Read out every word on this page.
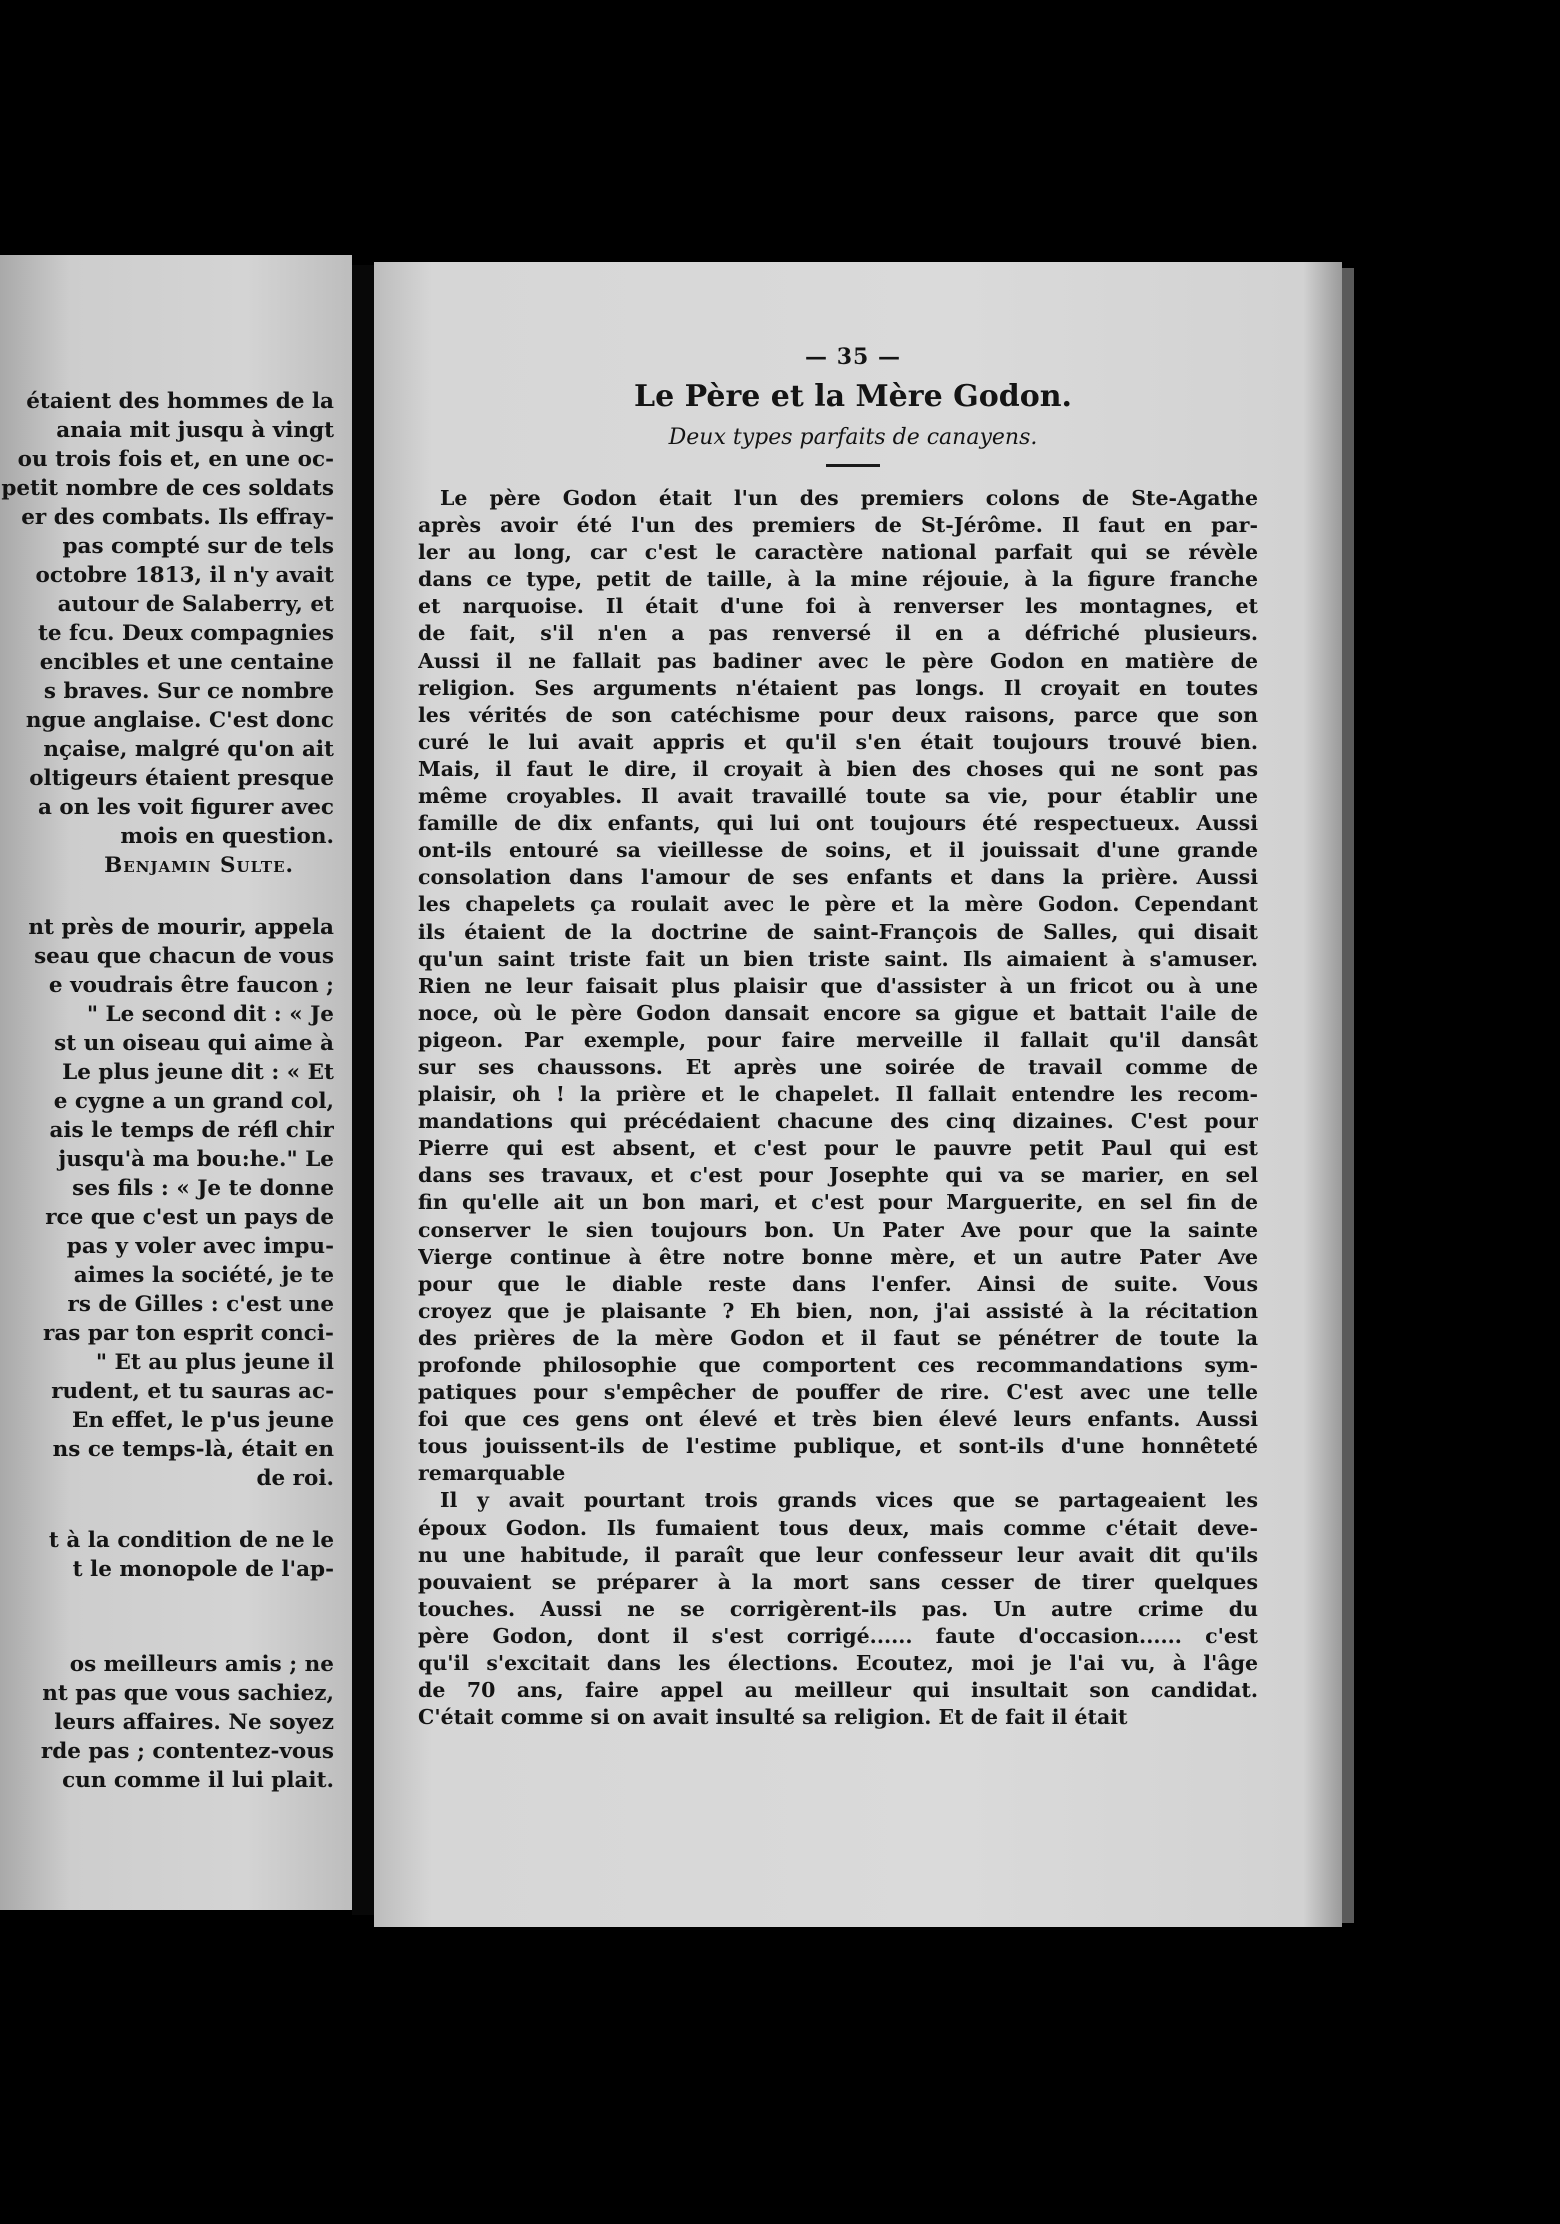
étaient des hommes de la
anaia mit jusqu à vingt
ou trois fois et, en une oc-
petit nombre de ces soldats
er des combats. Ils effray-
pas compté sur de tels
octobre 1813, il n'y avait
autour de Salaberry, et
te fcu. Deux compagnies
encibles et une centaine
s braves. Sur ce nombre
ngue anglaise. C'est donc
nçaise, malgré qu'on ait
oltigeurs étaient presque
a on les voit figurer avec
mois en question.
Benjamin Sulte.
nt près de mourir, appela
seau que chacun de vous
e voudrais être faucon ;
" Le second dit : « Je
st un oiseau qui aime à
Le plus jeune dit : « Et
e cygne a un grand col,
ais le temps de réfl chir
jusqu'à ma bou:he." Le
ses fils : « Je te donne
rce que c'est un pays de
pas y voler avec impu-
aimes la société, je te
rs de Gilles : c'est une
ras par ton esprit conci-
" Et au plus jeune il
rudent, et tu sauras ac-
En effet, le p'us jeune
ns ce temps-là, était en
de roi.
t à la condition de ne le
t le monopole de l'ap-
os meilleurs amis ; ne
nt pas que vous sachiez,
leurs affaires. Ne soyez
rde pas ; contentez-vous
cun comme il lui plait.
— 35 —
Le Père et la Mère Godon.
Deux types parfaits de canayens.
Le père Godon était l'un des premiers colons de Ste-Agathe
après avoir été l'un des premiers de St-Jérôme. Il faut en par-
ler au long, car c'est le caractère national parfait qui se révèle
dans ce type, petit de taille, à la mine réjouie, à la figure franche
et narquoise. Il était d'une foi à renverser les montagnes, et
de fait, s'il n'en a pas renversé il en a défriché plusieurs.
Aussi il ne fallait pas badiner avec le père Godon en matière de
religion. Ses arguments n'étaient pas longs. Il croyait en toutes
les vérités de son catéchisme pour deux raisons, parce que son
curé le lui avait appris et qu'il s'en était toujours trouvé bien.
Mais, il faut le dire, il croyait à bien des choses qui ne sont pas
même croyables. Il avait travaillé toute sa vie, pour établir une
famille de dix enfants, qui lui ont toujours été respectueux. Aussi
ont-ils entouré sa vieillesse de soins, et il jouissait d'une grande
consolation dans l'amour de ses enfants et dans la prière. Aussi
les chapelets ça roulait avec le père et la mère Godon. Cependant
ils étaient de la doctrine de saint-François de Salles, qui disait
qu'un saint triste fait un bien triste saint. Ils aimaient à s'amuser.
Rien ne leur faisait plus plaisir que d'assister à un fricot ou à une
noce, où le père Godon dansait encore sa gigue et battait l'aile de
pigeon. Par exemple, pour faire merveille il fallait qu'il dansât
sur ses chaussons. Et après une soirée de travail comme de
plaisir, oh ! la prière et le chapelet. Il fallait entendre les recom-
mandations qui précédaient chacune des cinq dizaines. C'est pour
Pierre qui est absent, et c'est pour le pauvre petit Paul qui est
dans ses travaux, et c'est pour Josephte qui va se marier, en sel
fin qu'elle ait un bon mari, et c'est pour Marguerite, en sel fin de
conserver le sien toujours bon. Un Pater Ave pour que la sainte
Vierge continue à être notre bonne mère, et un autre Pater Ave
pour que le diable reste dans l'enfer. Ainsi de suite. Vous
croyez que je plaisante ? Eh bien, non, j'ai assisté à la récitation
des prières de la mère Godon et il faut se pénétrer de toute la
profonde philosophie que comportent ces recommandations sym-
patiques pour s'empêcher de pouffer de rire. C'est avec une telle
foi que ces gens ont élevé et très bien élevé leurs enfants. Aussi
tous jouissent-ils de l'estime publique, et sont-ils d'une honnêteté
remarquable
Il y avait pourtant trois grands vices que se partageaient les
époux Godon. Ils fumaient tous deux, mais comme c'était deve-
nu une habitude, il paraît que leur confesseur leur avait dit qu'ils
pouvaient se préparer à la mort sans cesser de tirer quelques
touches. Aussi ne se corrigèrent-ils pas. Un autre crime du
père Godon, dont il s'est corrigé...... faute d'occasion...... c'est
qu'il s'excitait dans les élections. Ecoutez, moi je l'ai vu, à l'âge
de 70 ans, faire appel au meilleur qui insultait son candidat.
C'était comme si on avait insulté sa religion. Et de fait il était
